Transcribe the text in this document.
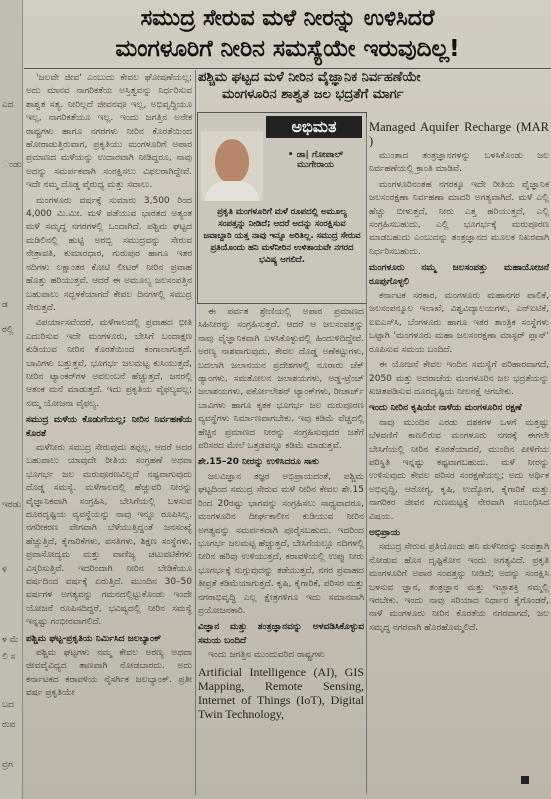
ಎದ
ಂಡು
ಡ
ರಲ್ಲಿ
ಇರಡು
ಳಿ
ಳ ಮೆ
ಲಿ ಸ
ಬದ
ರುವ
ವ್ರಗ
ಸಮುದ್ರ ಸೇರುವ ಮಳೆ ನೀರನ್ನು ಉಳಿಸಿದರೆ
ಮಂಗಳೂರಿಗೆ ನೀರಿನ ಸಮಸ್ಯೆಯೇ ಇರುವುದಿಲ್ಲ!

'ಜಲವೇ ಜೀವ' ಎಂಬುದು ಕೇವಲ ಘೋಷಣೆಯಲ್ಲ; ಅದು ಮಾನವ ನಾಗರಿಕತೆಯ ಅಸ್ತಿತ್ವವನ್ನು ನಿರ್ಧರಿಸುವ ಶಾಶ್ವತ ಸತ್ಯ. ನೀರಿಲ್ಲದೆ ಜೀವನವೂ ಇಲ್ಲ, ಅಭಿವೃದ್ಧಿಯೂ ಇಲ್ಲ, ನಾಗರಿಕತೆಯೂ ಇಲ್ಲ. ಇಂದು ಜಗತ್ತಿನ ಅನೇಕ ರಾಷ್ಟ್ರಗಳು ಹಾಗೂ ನಗರಗಳು ನೀರಿನ ಕೊರತೆಯಿಂದ ಹೋರಾಡುತ್ತಿರುವಾಗ, ಪ್ರಕೃತಿಯು ಮಂಗಳೂರಿಗೆ ಅಪಾರ ಪ್ರಮಾಣದ ಮಳೆಯನ್ನು ಉದಾರವಾಗಿ ನೀಡಿದ್ದರೂ, ನಾವು ಅದನ್ನು ಸಮರ್ಪಕವಾಗಿ ಸಂರಕ್ಷಿಸಲು ವಿಫಲರಾಗಿದ್ದೇವೆ. ಇದೇ ನಮ್ಮ ದೊಡ್ಡ ವೈರುಧ್ಯ ಮತ್ತು ಸವಾಲು.

ಮಂಗಳೂರು ವರ್ಷಕ್ಕೆ ಸುಮಾರು 3,500 ರಿಂದ 4,000 ಮಿ.ಮೀ. ಮಳೆ ಪಡೆಯುವ ಭಾರತದ ಅತ್ಯಂತ ಮಳೆ ಸಮೃದ್ಧ ನಗರಗಳಲ್ಲಿ ಒಂದಾಗಿದೆ. ಪಶ್ಚಿಮ ಘಟ್ಟದ ಮಡಿಲಿನಲ್ಲಿ ಹುಟ್ಟಿ ಅರಬ್ಬಿ ಸಮುದ್ರವನ್ನು ಸೇರುವ ನೇತ್ರಾವತಿ, ಕುಮಾರಧಾರ, ಗುರುಪುರ ಹಾಗೂ ಇತರ ನದಿಗಳು ಲಕ್ಷಾಂತರ ಕೋಟಿ ಲೀಟರ್ ನೀರಿನ ಪ್ರವಾಹ ಹೊತ್ತು ಹರಿಯುತ್ತವೆ. ಆದರೆ ಈ ಅಮೂಲ್ಯ ಜಲಸಂಪತ್ತಿನ ಬಹುಪಾಲು ಸದ್ಬಳಕೆಯಾಗದೆ ಕೇವಲ ದಿನಗಳಲ್ಲಿ ಸಮುದ್ರ ಸೇರುತ್ತದೆ.

ವಿಪರ್ಯಾಸವೆಂದರೆ, ಮಳೆಗಾಲದಲ್ಲಿ ಪ್ರವಾಹದ ಭೀತಿ ಎದುರಿಸುವ ಇದೇ ಮಂಗಳೂರು, ಬೇಸಿಗೆ ಬಂದಾಕ್ಷಣ ಕುಡಿಯುವ ನೀರಿನ ಕೊರತೆಯಿಂದ ಕಂಗಾಲಾಗುತ್ತದೆ. ಬಾವಿಗಳು ಬತ್ತುತ್ತವೆ, ಭೂಗರ್ಭ ಜಲಮಟ್ಟ ಕುಸಿಯುತ್ತದೆ, ನೀರಿನ ಟ್ಯಾಂಕರ್‌ಗಳ ಅವಲಂಬನೆ ಹೆಚ್ಚುತ್ತದೆ, ಜನರಲ್ಲಿ ಆತಂಕ ಮನೆ ಮಾಡುತ್ತದೆ. ಇದು ಪ್ರಕೃತಿಯ ವೈಫಲ್ಯವಲ್ಲ; ನಮ್ಮ ಯೋಜನಾ ವೈಫಲ್ಯ.

ಸಮುದ್ರ ಮಳೆಯ ಕೊಡುಗೆಯಲ್ಲ; ನೀರಿನ ನಿರ್ವಹಣೆಯ ಕೊರತೆ

ಮಳೆನೀರು ಸಮುದ್ರ ಸೇರುವುದು ತಪ್ಪಲ್ಲ, ಆದರೆ ಅದರ ಬಹುಪಾಲು ಯಾವುದೇ ರೀತಿಯ ಸಂಗ್ರಹಣೆ ಅಥವಾ ಭೂಗರ್ಭ ಜಲ ಮರುಪೂರಣವಿಲ್ಲದೆ ನಷ್ಟವಾಗುವುದು ದೊಡ್ಡ ಸಮಸ್ಯೆ. ಮಳೆಗಾಲದಲ್ಲಿ ಹೆಚ್ಚುವರಿ ನೀರನ್ನು ವೈಜ್ಞಾನಿಕವಾಗಿ ಸಂಗ್ರಹಿಸಿ, ಬೇಸಿಗೆಯಲ್ಲಿ ಬಳಸುವ ದೂರದೃಷ್ಟಿಯ ವ್ಯವಸ್ಥೆಯನ್ನು ನಾವು ಇನ್ನೂ ರೂಪಿಸಿಲ್ಲ. ನಗರೀಕರಣ ವೇಗವಾಗಿ ಬೆಳೆಯುತ್ತಿದ್ದಂತೆ ಜನಸಂಖ್ಯೆ ಹೆಚ್ಚುತ್ತಿದೆ, ಕೈಗಾರಿಕೆಗಳು, ವಸತಿಗಳು, ಶಿಕ್ಷಣ ಸಂಸ್ಥೆಗಳು, ಪ್ರವಾಸೋದ್ಯಮ ಮತ್ತು ವಾಣಿಜ್ಯ ಚಟುವಟಿಕೆಗಳು ವಿಸ್ತರಿಸುತ್ತಿವೆ. ಇದರಿಂದಾಗಿ ನೀರಿನ ಬೇಡಿಕೆಯೂ ವರ್ಷದಿಂದ ವರ್ಷಕ್ಕೆ ಏರುತ್ತಿದೆ. ಮುಂದಿನ 30–50 ವರ್ಷಗಳ ಅಗತ್ಯವನ್ನು ಗಮನದಲ್ಲಿಟ್ಟುಕೊಂಡು ಇಂದೇ ಯೋಜನೆ ರೂಪಿಸದಿದ್ದರೆ, ಭವಿಷ್ಯದಲ್ಲಿ ನೀರಿನ ಸಮಸ್ಯೆ ಇನ್ನಷ್ಟು ಗಂಭೀರವಾಗಲಿದೆ.

ಪಶ್ಚಿಮ ಘಟ್ಟ-ಪ್ರಕೃತಿಯ ನಿರ್ಮಿಸಿದ ಜಲಬ್ಯಾಂಕ್

ಪಶ್ಚಿಮ ಘಟ್ಟಗಳು ನಮ್ಮ ಕೇವಲ ಅರಣ್ಯ ಅಥವಾ ಜೀವವೈವಿಧ್ಯದ ತಾಣವಾಗಿ ನೋಡಬಾರದು. ಅದು ಕರ್ನಾಟಕದ ಕರಾವಳಿಯ ನೈಸರ್ಗಿಕ ಜಲಬ್ಯಾಂಕ್. ಪ್ರತೀ ವರ್ಷ ಪ್ರಕೃತಿಯೇ

ಪಶ್ಚಿಮ ಘಟ್ಟದ ಮಳೆ ನೀರಿನ ವೈಜ್ಞಾನಿಕ ನಿರ್ವಹಣೆಯೇ
ಮಂಗಳೂರಿನ ಶಾಶ್ವತ ಜಲ ಭದ್ರತೆಗೆ ಮಾರ್ಗ
ಅಭಿಮತ
• ಡಾ| ಗೋಪಾಲ್ ಮುಗೇರಾಯ
ಪ್ರಕೃತಿ ಮಂಗಳೂರಿಗೆ ಮಳೆ ರೂಪದಲ್ಲಿ ಅಮೂಲ್ಯ ಸಂಪತ್ತನ್ನು ನೀಡಿದೆ; ಆದರೆ ಅದನ್ನು ಸಂರಕ್ಷಿಸುವ ಜವಾಬ್ದಾರಿ ಯತ್ತ ನಾವು ಇನ್ನೂ ಅರಿತಿಲ್ಲ. ಸಮುದ್ರ ಸೇರುವ ಪ್ರತಿಯೊಂದು ಹನಿ ಮಳೆನೀರಿನ ಉಳಿತಾಯವೇ ನಗರದ ಭವಿಷ್ಯ ಆಗಲಿದೆ.

ಈ ಪರ್ವತ ಶ್ರೇಣಿಯಲ್ಲಿ ಅಪಾರ ಪ್ರಮಾಣದ ಸಿಹಿನೀರನ್ನು ಸಂಗ್ರಹಿಸುತ್ತದೆ. ಆದರೆ ಆ ಜಲಸಂಪತ್ತನ್ನು ನಾವು ವೈಜ್ಞಾನಿಕವಾಗಿ ಬಳಸಿಕೊಳ್ಳುವಲ್ಲಿ ಹಿಂದುಳಿದಿದ್ದೇವೆ. ಅರಣ್ಯ ನಾಶವಾಗುವುದು, ಕೇವಲ ದೊಡ್ಡ ಅಣೆಕಟ್ಟುಗಳು, ಬದಲಾಗಿ ಜಲಾನಯನ ಪ್ರದೇಶಗಳಲ್ಲಿ ನೂರಾರು ಚೆಕ್ ಡ್ಯಾಂಗಳು, ಸಮತೋಲನ ಜಲಾಶಯಗಳು, ಅಡ್ಡ-ಟ್ರೆಂಚ್ ಜಲಾಶಯಗಳು, ಪರ್ಕೋಲೇಶನ್ ಟ್ಯಾಂಕ್‌ಗಳು, ರೀಚಾರ್ಜ್ ಬಾವಿಗಳು ಹಾಗೂ ಕೃತಕ ಭೂಗರ್ಭ ಜಲ ಮರುಪೂರಣ ವ್ಯವಸ್ಥೆಗಳು ನಿರ್ಮಾಣವಾಗಬೇಕು. ಇವು ಕಡಿಮೆ ವೆಚ್ಚದಲ್ಲಿ ಹೆಚ್ಚಿನ ಪ್ರಮಾಣದ ನೀರನ್ನು ಸಂಗ್ರಹಿಸುವುದರ ಜತೆಗೆ ಪರಿಸರದ ಮೇಲೆ ಒತ್ತಡವನ್ನೂ ಕಡಿಮೆ ಮಾಡುತ್ತವೆ.

ಶೇ.15–20 ನೀರನ್ನು ಉಳಿಸಿದರೂ ಸಾಕು

ಜಲವಿಜ್ಞಾನ ತಜ್ಞರ ಅಭಿಪ್ರಾಯದಂತೆ, ಪಶ್ಚಿಮ ಘಟ್ಟದಿಂದ ಸಮುದ್ರ ಸೇರುವ ಮಳೆ ನೀರಿನ ಕೇವಲ ಶೇ.15 ರಿಂದ 20ರಷ್ಟು ಭಾಗವನ್ನು ಸಂಗ್ರಹಿಸಲು ಸಾಧ್ಯವಾದರೂ, ಮಂಗಳೂರಿನ ದೀರ್ಘಕಾಲೀನ ಕುಡಿಯುವ ನೀರಿನ ಅಗತ್ಯವನ್ನು ಸಮರ್ಪಕವಾಗಿ ಪೂರೈಸಬಹುದು. ಇದರಿಂದ ಭೂಗರ್ಭ ಜಲಮಟ್ಟ ಹೆಚ್ಚುತ್ತದೆ, ಬೇಸಿಗೆಯಲ್ಲೂ ನದಿಗಳಲ್ಲಿ ನೀರಿನ ಹರಿವು ಉಳಿಯುತ್ತದೆ, ಕರಾವಳಿಯಲ್ಲಿ ಉಪ್ಪು ನೀರು ಭೂಗರ್ಭಕ್ಕೆ ನುಗ್ಗುವುದನ್ನು ತಡೆಯುತ್ತದೆ, ನಗರ ಪ್ರವಾಹದ ತೀವ್ರತೆ ಕಡಿಮೆಯಾಗುತ್ತದೆ. ಕೃಷಿ, ಕೈಗಾರಿಕೆ, ಪರಿಸರ ಮತ್ತು ನಗರಾಭಿವೃದ್ಧಿ ಎಲ್ಲ ಕ್ಷೇತ್ರಗಳಿಗೂ ಇದು ಸಮಾನವಾಗಿ ಪ್ರಯೋಜನಕಾರಿ.

ವಿಜ್ಞಾನ ಮತ್ತು ತಂತ್ರಜ್ಞಾನವನ್ನು ಅಳವಡಿಸಿಕೊಳ್ಳುವ ಸಮಯ ಬಂದಿದೆ

ಇಂದು ಜಗತ್ತಿನ ಮುಂದುವರಿದ ರಾಷ್ಟ್ರಗಳು

Artificial Intelligence (AI), GIS Mapping, Remote Sensing, Internet of Things (IoT), Digital Twin Technology,

Managed Aquifer Recharge (MAR )

ಮುಂತಾದ ತಂತ್ರಜ್ಞಾನಗಳನ್ನು ಬಳಸಿಕೊಂಡು ಜಲ ನಿರ್ವಹಣೆಯಲ್ಲಿ ಕ್ರಾಂತಿ ಮಾಡಿವೆ.

ಮಂಗಳೂರಿನಂತಹ ನಗರಕ್ಕೂ ಇದೇ ರೀತಿಯ ವೈಜ್ಞಾನಿಕ ಜಲಸಂರಕ್ಷಣಾ ನಿರ್ವಹಣಾ ಮಾದರಿ ಅಗತ್ಯವಾಗಿದೆ. ಮಳೆ ಎಲ್ಲಿ ಹೆಚ್ಚು ಬೀಳುತ್ತದೆ, ನೀರು ಎತ್ತ ಹರಿಯುತ್ತದೆ, ಎಲ್ಲಿ ಸಂಗ್ರಹಿಸಬಹುದು, ಎಲ್ಲಿ ಭೂಗರ್ಭಕ್ಕೆ ಮರುಪೂರಣ ಮಾಡಬಹುದು ಎಂಬುದನ್ನು ತಂತ್ರಜ್ಞಾನದ ಮೂಲಕ ನಿಖರವಾಗಿ ನಿರ್ಧರಿಸಬಹುದು.

ಮಂಗಳೂರು ನಮ್ಮ ಜಲಸಂಪತ್ತು ಮಹಾಯೋಜನೆ ರೂಪುಗೊಳ್ಳಲಿ

ಕರ್ನಾಟಕ ಸರಕಾರ, ಮಂಗಳೂರು ಮಹಾನಗರ ಪಾಲಿಕೆ, ಜಲಸಂಪನ್ಮೂಲ ಇಲಾಖೆ, ವಿಶ್ವವಿದ್ಯಾಲಯಗಳು, ಎನ್‌ಐಟಿಕೆ, ಐಐಎಸ್‌ಸಿ, ಬೆಂಗಳೂರು ಹಾಗೂ ಇತರ ತಾಂತ್ರಿಕ ಸಂಸ್ಥೆಗಳು ಒಟ್ಟಾಗಿ 'ಮಂಗಳೂರು ಮಹಾ ಜಲಸಂರಕ್ಷಣಾ ಮಾಸ್ಟರ್ ಪ್ಲಾನ್' ರೂಪಿಸುವ ಸಮಯ ಬಂದಿದೆ.

ಈ ಯೋಜನೆ ಕೇವಲ ಇಂದಿನ ಸಮಸ್ಯೆಗೆ ಪರಿಹಾರವಾಗದೆ, 2050 ಮತ್ತು ಅದರಾಚೆಯ ಮಂಗಳೂರಿನ ಜಲ ಭದ್ರತೆಯನ್ನು ಖಚಿತಪಡಿಸುವ ದೂರದೃಷ್ಟಿಯ ನೀಲನಕ್ಷೆ ಆಗಬೇಕು.

ಇಂದು ನೀರಿನ ಕೃಷಿಯೇ ನಾಳೆಯ ಮಂಗಳೂರಿನ ರಕ್ಷಣೆ

ನಾವು ಮುಂದಿನ ಎರಡು ದಶಕಗಳ ಒಳಗೆ ಮತ್ತಷ್ಟು ಬೆಳವಣಿಗೆ ಕಾಣಲಿರುವ ಮಂಗಳೂರು ನಗರಕ್ಕೆ ಈಗಲೇ ಬೇಸಿಗೆಯಲ್ಲಿ ನೀರಿನ ಕೊರತೆಯಾದರೆ, ಮುಂದಿನ ಪೀಳಿಗೆಯ ಪರಿಸ್ಥಿತಿ ಇನ್ನಷ್ಟು ಕಷ್ಟವಾಗಬಹುದು. ಮಳೆ ನೀರನ್ನು ಉಳಿಸುವುದು ಕೇವಲ ಪರಿಸರ ಸಂರಕ್ಷಣೆಯಲ್ಲ; ಅದು ಆರ್ಥಿಕ ಅಭಿವೃದ್ಧಿ, ಆರೋಗ್ಯ, ಕೃಷಿ, ಉದ್ಯೋಗ, ಕೈಗಾರಿಕೆ ಮತ್ತು ನಾಗರಿಕರ ಜೀವನ ಗುಣಮಟ್ಟಕ್ಕೆ ನೇರವಾಗಿ ಸಂಬಂಧಿಸಿದ ವಿಷಯ.

ಅಭಿಪ್ರಾಯ

ಸಮುದ್ರ ಸೇರುವ ಪ್ರತಿಯೊಂದು ಹನಿ ಮಳೆನೀರನ್ನು ಸಂಪತ್ತಾಗಿ ನೋಡುವ ಹೊಸ ದೃಷ್ಟಿಕೋನ ಇಂದು ಅಗತ್ಯವಿದೆ. ಪ್ರಕೃತಿ ಮಂಗಳೂರಿಗೆ ಅಪಾರ ಸಂಪತ್ತನ್ನು ನೀಡಿದೆ; ಅದನ್ನು ಸಂರಕ್ಷಿಸಿ ಬಳಸುವ ಜ್ಞಾನ, ತಂತ್ರಜ್ಞಾನ ಮತ್ತು ಇಚ್ಛಾಶಕ್ತಿ ನಮ್ಮಲ್ಲಿ ಇರಬೇಕು. ಇಂದು ನಾವು ಸರಿಯಾದ ನಿರ್ಧಾರ ಕೈಗೊಂಡರೆ, ನಾಳೆ ಮಂಗಳೂರು ನೀರಿನ ಕೊರತೆಯ ನಗರವಾಗದೆ, ಜಲ ಸಮೃದ್ಧ ನಗರವಾಗಿ ಹೊರಹೊಮ್ಮಲಿದೆ.
